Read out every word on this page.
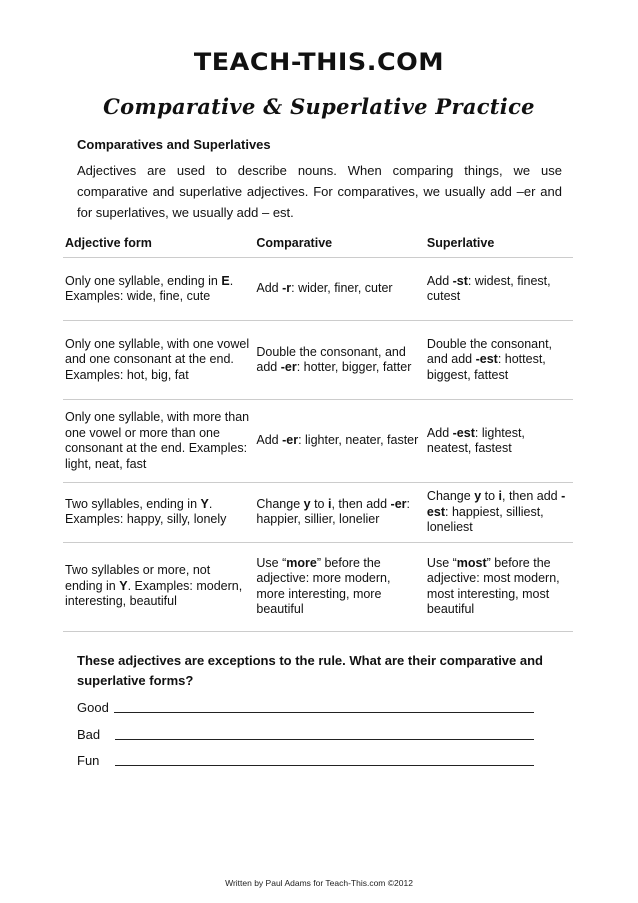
TEACH-THIS.COM
Comparative & Superlative Practice
Comparatives and Superlatives

Adjectives are used to describe nouns. When comparing things, we use comparative and superlative adjectives. For comparatives, we usually add –er and for superlatives, we usually add – est.

Adjective form	Comparative	Superlative
Only one syllable, ending in E. Examples: wide, fine, cute	Add -r: wider, finer, cuter	Add -st: widest, finest, cutest
Only one syllable, with one vowel and one consonant at the end. Examples: hot, big, fat	Double the consonant, and add -er: hotter, bigger, fatter	Double the consonant, and add -est: hottest, biggest, fattest
Only one syllable, with more than one vowel or more than one consonant at the end. Examples: light, neat, fast	Add -er: lighter, neater, faster	Add -est: lightest, neatest, fastest
Two syllables, ending in Y. Examples: happy, silly, lonely	Change y to i, then add -er: happier, sillier, lonelier	Change y to i, then add -est: happiest, silliest, loneliest
Two syllables or more, not ending in Y. Examples: modern, interesting, beautiful	Use “more” before the adjective: more modern, more interesting, more beautiful	Use “most” before the adjective: most modern, most interesting, most beautiful

These adjectives are exceptions to the rule. What are their comparative and superlative forms?

Good
Bad
Fun
Written by Paul Adams for Teach-This.com ©2012
